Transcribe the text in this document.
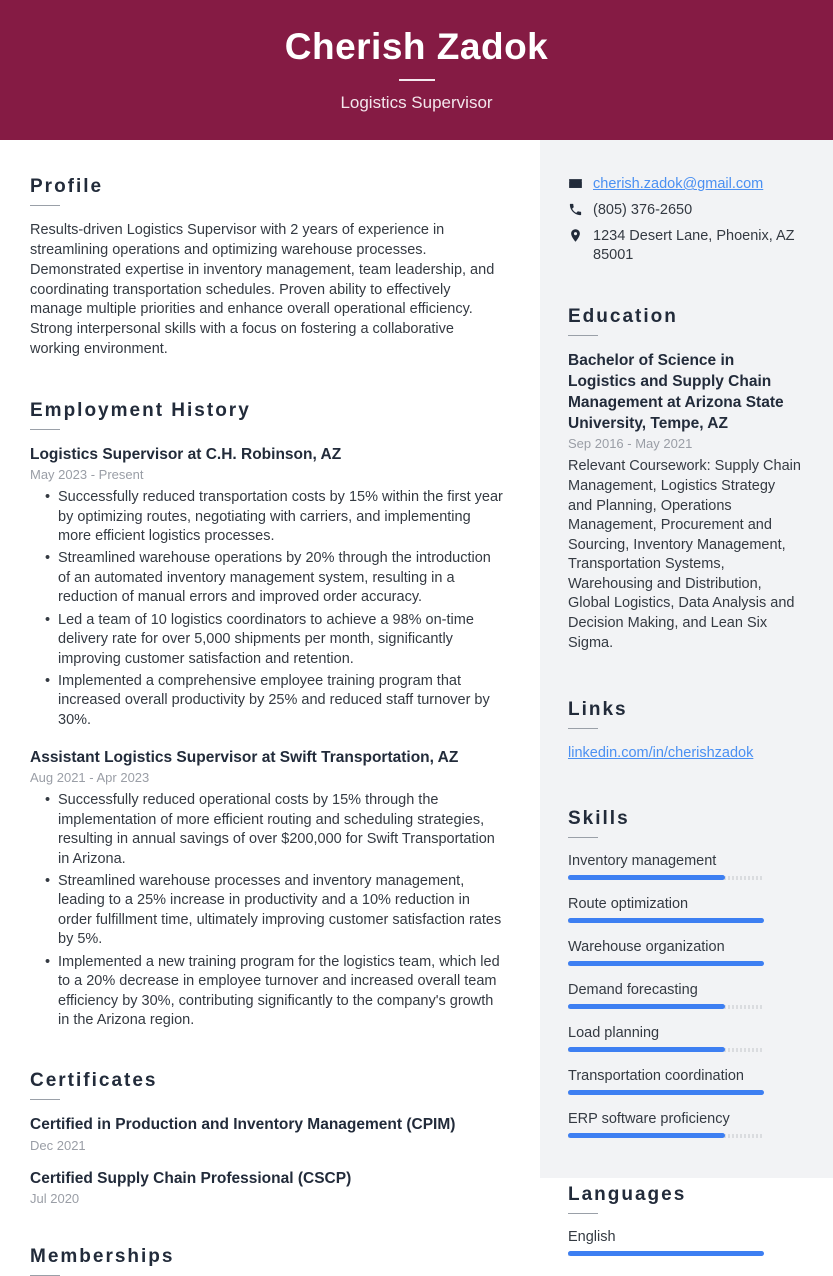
Cherish Zadok
Logistics Supervisor
Profile

Results-driven Logistics Supervisor with 2 years of experience in streamlining operations and optimizing warehouse processes. Demonstrated expertise in inventory management, team leadership, and coordinating transportation schedules. Proven ability to effectively manage multiple priorities and enhance overall operational efficiency. Strong interpersonal skills with a focus on fostering a collaborative working environment.

Employment History
Logistics Supervisor at C.H. Robinson, AZ
May 2023 - Present
• Successfully reduced transportation costs by 15% within the first year by optimizing routes, negotiating with carriers, and implementing more efficient logistics processes.
• Streamlined warehouse operations by 20% through the introduction of an automated inventory management system, resulting in a reduction of manual errors and improved order accuracy.
• Led a team of 10 logistics coordinators to achieve a 98% on-time delivery rate for over 5,000 shipments per month, significantly improving customer satisfaction and retention.
• Implemented a comprehensive employee training program that increased overall productivity by 25% and reduced staff turnover by 30%.
Assistant Logistics Supervisor at Swift Transportation, AZ
Aug 2021 - Apr 2023
• Successfully reduced operational costs by 15% through the implementation of more efficient routing and scheduling strategies, resulting in annual savings of over $200,000 for Swift Transportation in Arizona.
• Streamlined warehouse processes and inventory management, leading to a 25% increase in productivity and a 10% reduction in order fulfillment time, ultimately improving customer satisfaction rates by 5%.
• Implemented a new training program for the logistics team, which led to a 20% decrease in employee turnover and increased overall team efficiency by 30%, contributing significantly to the company's growth in the Arizona region.
Certificates
Certified in Production and Inventory Management (CPIM)
Dec 2021
Certified Supply Chain Professional (CSCP)
Jul 2020
Memberships
cherish.zadok@gmail.com
(805) 376-2650
1234 Desert Lane, Phoenix, AZ 85001
Education
Bachelor of Science in Logistics and Supply Chain Management at Arizona State University, Tempe, AZ
Sep 2016 - May 2021

Relevant Coursework: Supply Chain Management, Logistics Strategy and Planning, Operations Management, Procurement and Sourcing, Inventory Management, Transportation Systems, Warehousing and Distribution, Global Logistics, Data Analysis and Decision Making, and Lean Six Sigma.

Links
linkedin.com/in/cherishzadok
Skills
Inventory management
Route optimization
Warehouse organization
Demand forecasting
Load planning
Transportation coordination
ERP software proficiency
Languages
English
